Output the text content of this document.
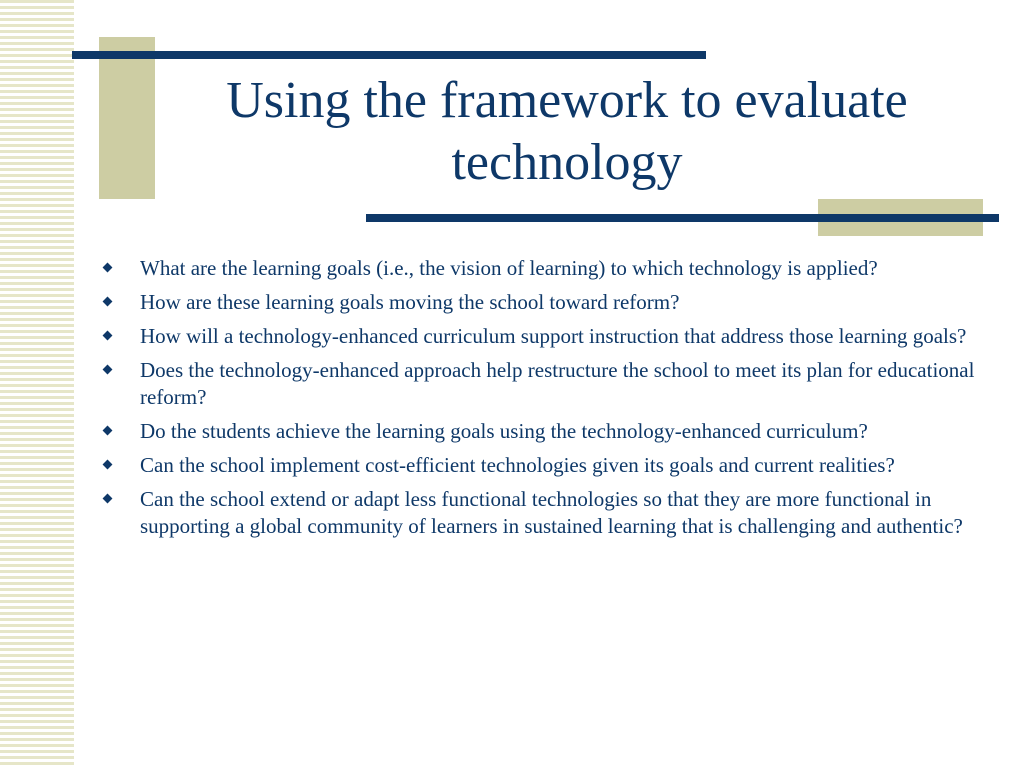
Using the framework to evaluate technology
What are the learning goals (i.e., the vision of learning) to which technology is applied?
How are these learning goals moving the school toward reform?
How will a technology-enhanced curriculum support instruction that address those learning goals?
Does the technology-enhanced approach help restructure the school to meet its plan for educational reform?
Do the students achieve the learning goals using the technology-enhanced curriculum?
Can the school implement cost-efficient technologies given its goals and current realities?
Can the school extend or adapt less functional technologies so that they are more functional in supporting a global community of learners in sustained learning that is challenging and authentic?
